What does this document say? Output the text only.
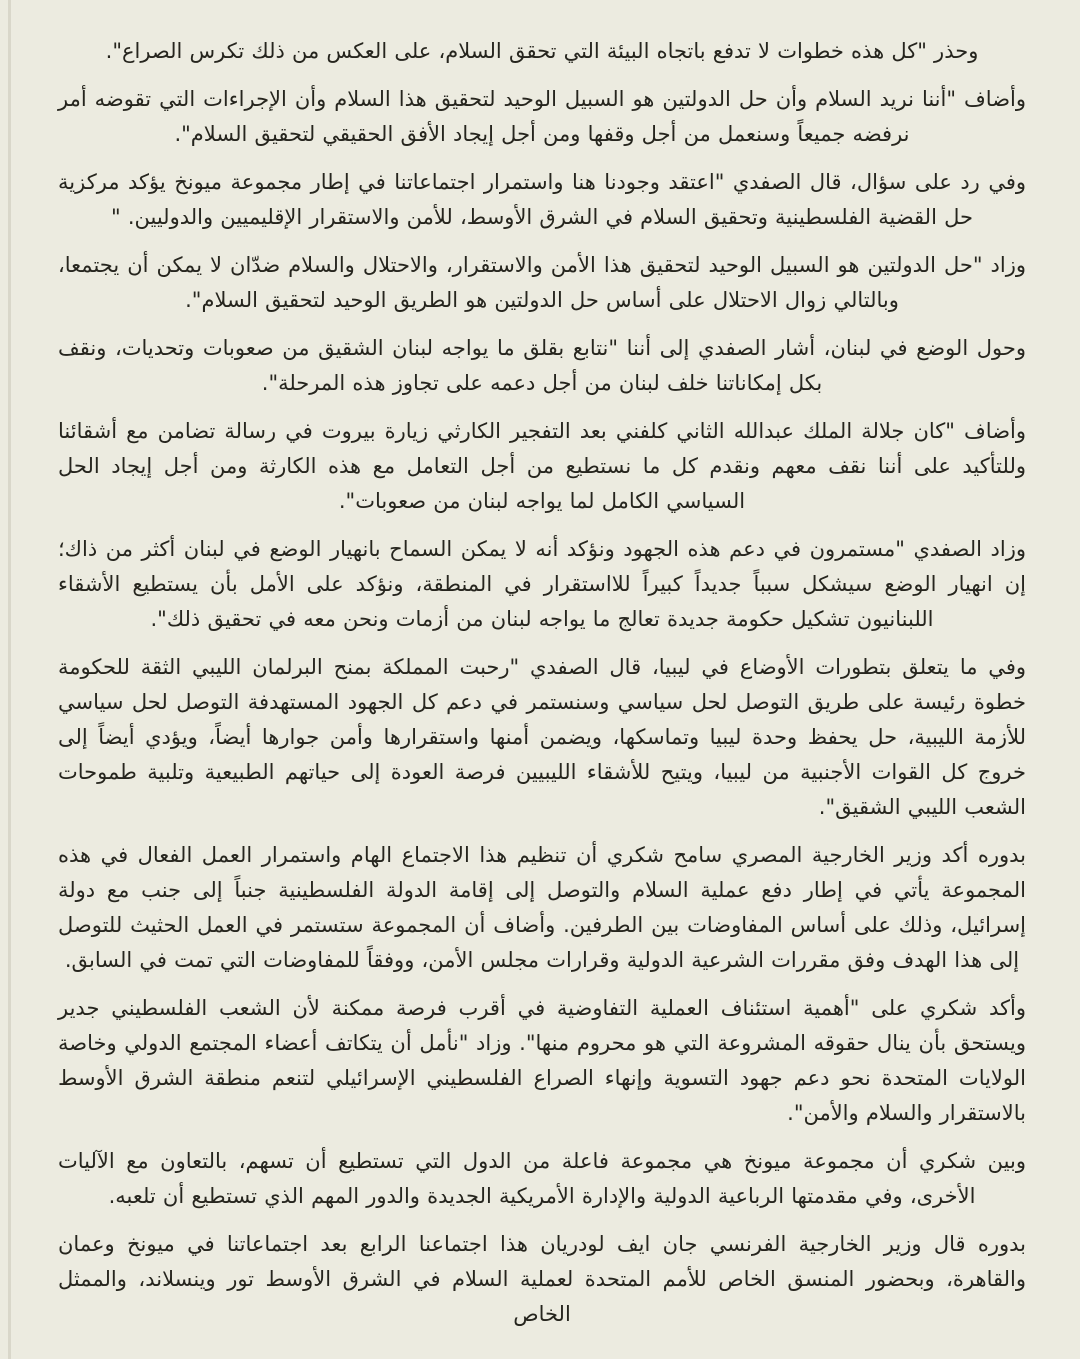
وحذر "كل هذه خطوات لا تدفع باتجاه البيئة التي تحقق السلام، على العكس من ذلك تكرس الصراع".
وأضاف "أننا نريد السلام وأن حل الدولتين هو السبيل الوحيد لتحقيق هذا السلام وأن الإجراءات التي تقوضه أمر نرفضه جميعاً وسنعمل من أجل وقفها ومن أجل إيجاد الأفق الحقيقي لتحقيق السلام".
وفي رد على سؤال، قال الصفدي "اعتقد وجودنا هنا واستمرار اجتماعاتنا في إطار مجموعة ميونخ يؤكد مركزية حل القضية الفلسطينية وتحقيق السلام في الشرق الأوسط، للأمن والاستقرار الإقليميين والدوليين. "
وزاد "حل الدولتين هو السبيل الوحيد لتحقيق هذا الأمن والاستقرار، والاحتلال والسلام ضدّان لا يمكن أن يجتمعا، وبالتالي زوال الاحتلال على أساس حل الدولتين هو الطريق الوحيد لتحقيق السلام".
وحول الوضع في لبنان، أشار الصفدي إلى أننا "نتابع بقلق ما يواجه لبنان الشقيق من صعوبات وتحديات، ونقف بكل إمكاناتنا خلف لبنان من أجل دعمه على تجاوز هذه المرحلة".
وأضاف "كان جلالة الملك عبدالله الثاني كلفني بعد التفجير الكارثي زيارة بيروت في رسالة تضامن مع أشقائنا وللتأكيد على أننا نقف معهم ونقدم كل ما نستطيع من أجل التعامل مع هذه الكارثة ومن أجل إيجاد الحل السياسي الكامل لما يواجه لبنان من صعوبات".
وزاد الصفدي "مستمرون في دعم هذه الجهود ونؤكد أنه لا يمكن السماح بانهيار الوضع في لبنان أكثر من ذاك؛ إن انهيار الوضع سيشكل سبباً جديداً كبيراً للااستقرار في المنطقة، ونؤكد على الأمل بأن يستطيع الأشقاء اللبنانيون تشكيل حكومة جديدة تعالج ما يواجه لبنان من أزمات ونحن معه في تحقيق ذلك".
وفي ما يتعلق بتطورات الأوضاع في ليبيا، قال الصفدي "رحبت المملكة بمنح البرلمان الليبي الثقة للحكومة خطوة رئيسة على طريق التوصل لحل سياسي وسنستمر في دعم كل الجهود المستهدفة التوصل لحل سياسي للأزمة الليبية، حل يحفظ وحدة ليبيا وتماسكها، ويضمن أمنها واستقرارها وأمن جوارها أيضاً، ويؤدي أيضاً إلى خروج كل القوات الأجنبية من ليبيا، ويتيح للأشقاء الليبيين فرصة العودة إلى حياتهم الطبيعية وتلبية طموحات الشعب الليبي الشقيق".
بدوره أكد وزير الخارجية المصري سامح شكري أن تنظيم هذا الاجتماع الهام واستمرار العمل الفعال في هذه المجموعة يأتي في إطار دفع عملية السلام والتوصل إلى إقامة الدولة الفلسطينية جنباً إلى جنب مع دولة إسرائيل، وذلك على أساس المفاوضات بين الطرفين. وأضاف أن المجموعة ستستمر في العمل الحثيث للتوصل إلى هذا الهدف وفق مقررات الشرعية الدولية وقرارات مجلس الأمن، ووفقاً للمفاوضات التي تمت في السابق.
وأكد شكري على "أهمية استئناف العملية التفاوضية في أقرب فرصة ممكنة لأن الشعب الفلسطيني جدير ويستحق بأن ينال حقوقه المشروعة التي هو محروم منها". وزاد "نأمل أن يتكاتف أعضاء المجتمع الدولي وخاصة الولايات المتحدة نحو دعم جهود التسوية وإنهاء الصراع الفلسطيني الإسرائيلي لتنعم منطقة الشرق الأوسط بالاستقرار والسلام والأمن".
وبين شكري أن مجموعة ميونخ هي مجموعة فاعلة من الدول التي تستطيع أن تسهم، بالتعاون مع الآليات الأخرى، وفي مقدمتها الرباعية الدولية والإدارة الأمريكية الجديدة والدور المهم الذي تستطيع أن تلعبه.
بدوره قال وزير الخارجية الفرنسي جان ايف لودريان هذا اجتماعنا الرابع بعد اجتماعاتنا في ميونخ وعمان والقاهرة، وبحضور المنسق الخاص للأمم المتحدة لعملية السلام في الشرق الأوسط تور وينسلاند، والممثل الخاص
